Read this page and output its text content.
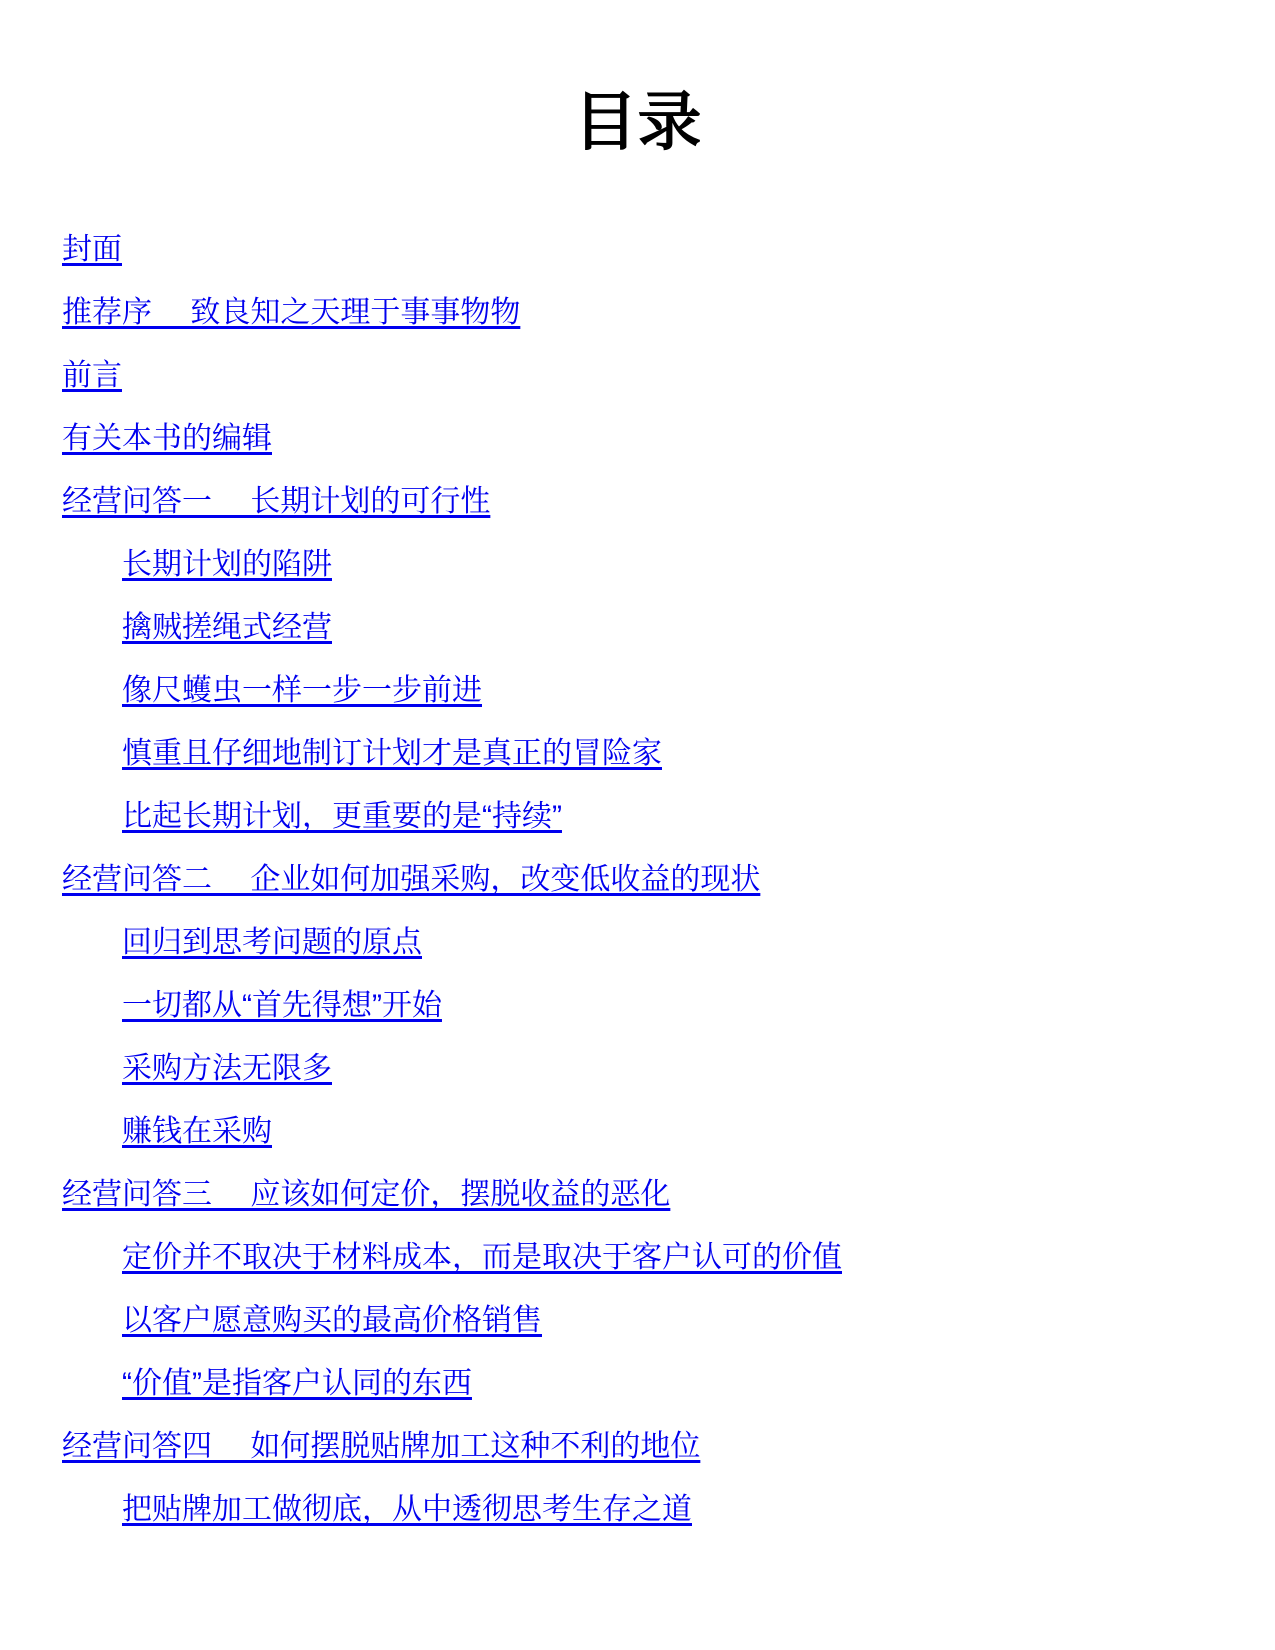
目录

封面

推荐序　 致良知之天理于事事物物

前言

有关本书的编辑

经营问答一　 长期计划的可行性

长期计划的陷阱

擒贼搓绳式经营

像尺蠖虫一样一步一步前进

慎重且仔细地制订计划才是真正的冒险家

比起长期计划，更重要的是“持续”

经营问答二　 企业如何加强采购，改变低收益的现状

回归到思考问题的原点

一切都从“首先得想”开始

采购方法无限多

赚钱在采购

经营问答三　 应该如何定价，摆脱收益的恶化

定价并不取决于材料成本，而是取决于客户认可的价值

以客户愿意购买的最高价格销售

“价值”是指客户认同的东西

经营问答四　 如何摆脱贴牌加工这种不利的地位

把贴牌加工做彻底，从中透彻思考生存之道
